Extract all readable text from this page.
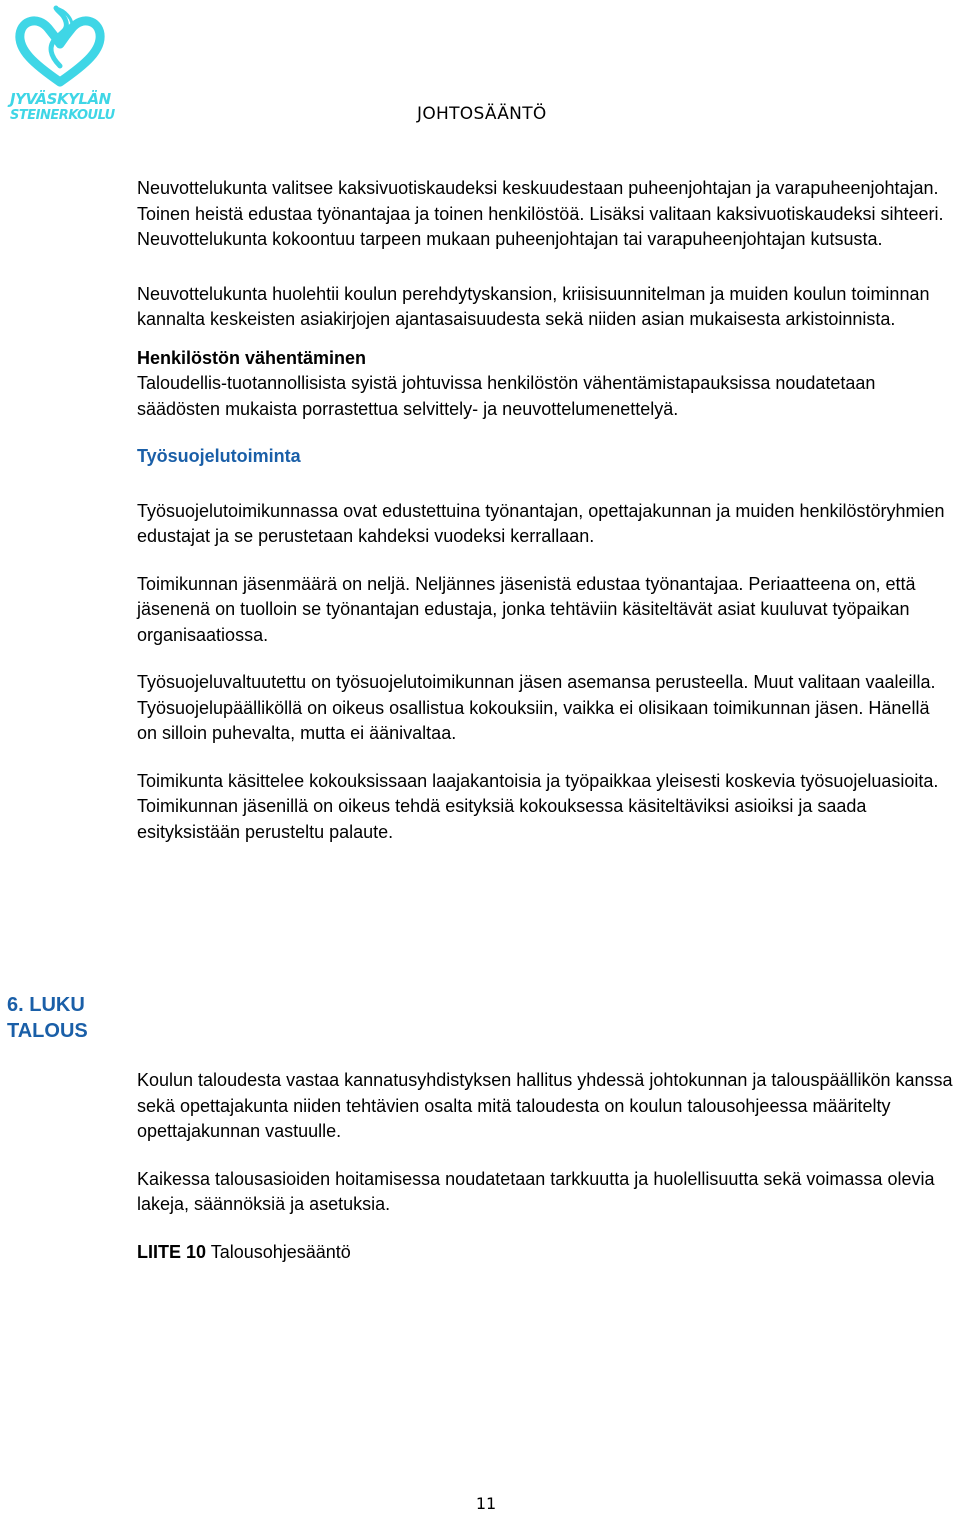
JYVÄSKYLÄN
STEINERKOULU	JOHTOSÄÄNTÖ

Neuvottelukunta valitsee kaksivuotiskaudeksi keskuudestaan puheenjohtajan ja varapuheenjohtajan. Toinen heistä edustaa työnantajaa ja toinen henkilöstöä. Lisäksi valitaan kaksivuotiskaudeksi sihteeri. Neuvottelukunta kokoontuu tarpeen mukaan puheenjohtajan tai varapuheenjohtajan kutsusta.

Neuvottelukunta huolehtii koulun perehdytyskansion, kriisisuunnitelman ja muiden koulun toiminnan kannalta keskeisten asiakirjojen ajantasaisuudesta sekä niiden asian mukaisesta arkistoinnista.

Henkilöstön vähentäminen

Taloudellis-tuotannollisista syistä johtuvissa henkilöstön vähentämistapauksissa noudatetaan säädösten mukaista porrastettua selvittely- ja neuvottelumenettelyä.

Työsuojelutoiminta

Työsuojelutoimikunnassa ovat edustettuina työnantajan, opettajakunnan ja muiden henkilöstöryhmien edustajat ja se perustetaan kahdeksi vuodeksi kerrallaan.

Toimikunnan jäsenmäärä on neljä. Neljännes jäsenistä edustaa työnantajaa. Periaatteena on, että jäsenenä on tuolloin se työnantajan edustaja, jonka tehtäviin käsiteltävät asiat kuuluvat työpaikan organisaatiossa.

Työsuojeluvaltuutettu on työsuojelutoimikunnan jäsen asemansa perusteella. Muut valitaan vaaleilla. Työsuojelupäälliköllä on oikeus osallistua kokouksiin, vaikka ei olisikaan toimikunnan jäsen. Hänellä on silloin puhevalta, mutta ei äänivaltaa.

Toimikunta käsittelee kokouksissaan laajakantoisia ja työpaikkaa yleisesti koskevia työsuojeluasioita. Toimikunnan jäsenillä on oikeus tehdä esityksiä kokouksessa käsiteltäviksi asioiksi ja saada esityksistään perusteltu palaute.

6. LUKU
TALOUS

Koulun taloudesta vastaa kannatusyhdistyksen hallitus yhdessä johtokunnan ja talouspäällikön kanssa sekä opettajakunta niiden tehtävien osalta mitä taloudesta on koulun talousohjeessa määritelty opettajakunnan vastuulle.

Kaikessa talousasioiden hoitamisessa noudatetaan tarkkuutta ja huolellisuutta sekä voimassa olevia lakeja, säännöksiä ja asetuksia.

LIITE 10 Talousohjesääntö

11
